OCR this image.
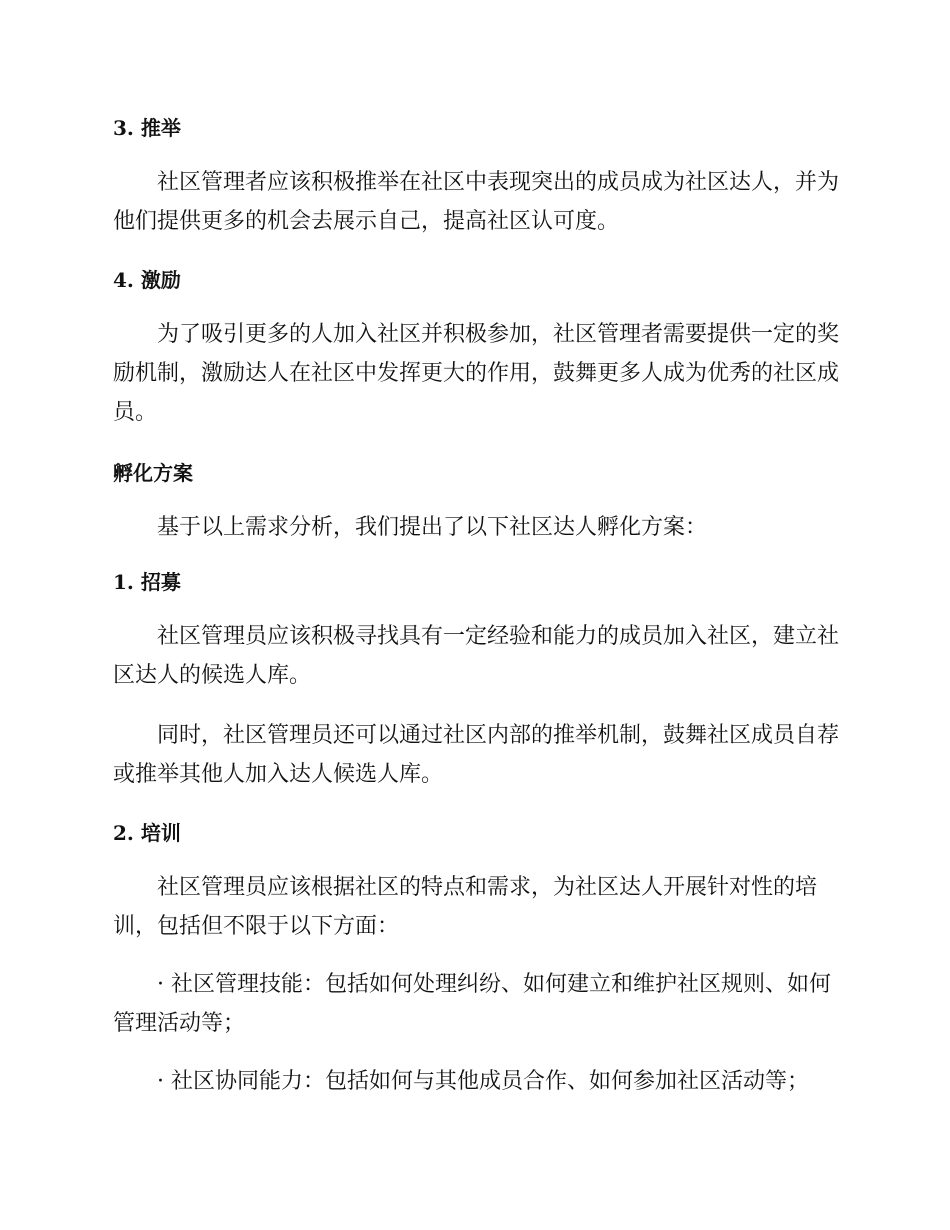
3. 推举

社区管理者应该积极推举在社区中表现突出的成员成为社区达人，并为
他们提供更多的机会去展示自己，提高社区认可度。

4. 激励

为了吸引更多的人加入社区并积极参加，社区管理者需要提供一定的奖
励机制，激励达人在社区中发挥更大的作用，鼓舞更多人成为优秀的社区成
员。

孵化方案

基于以上需求分析，我们提出了以下社区达人孵化方案：

1. 招募

社区管理员应该积极寻找具有一定经验和能力的成员加入社区，建立社
区达人的候选人库。

同时，社区管理员还可以通过社区内部的推举机制，鼓舞社区成员自荐
或推举其他人加入达人候选人库。

2. 培训

社区管理员应该根据社区的特点和需求，为社区达人开展针对性的培
训，包括但不限于以下方面：

· 社区管理技能：包括如何处理纠纷、如何建立和维护社区规则、如何
管理活动等；

· 社区协同能力：包括如何与其他成员合作、如何参加社区活动等；
